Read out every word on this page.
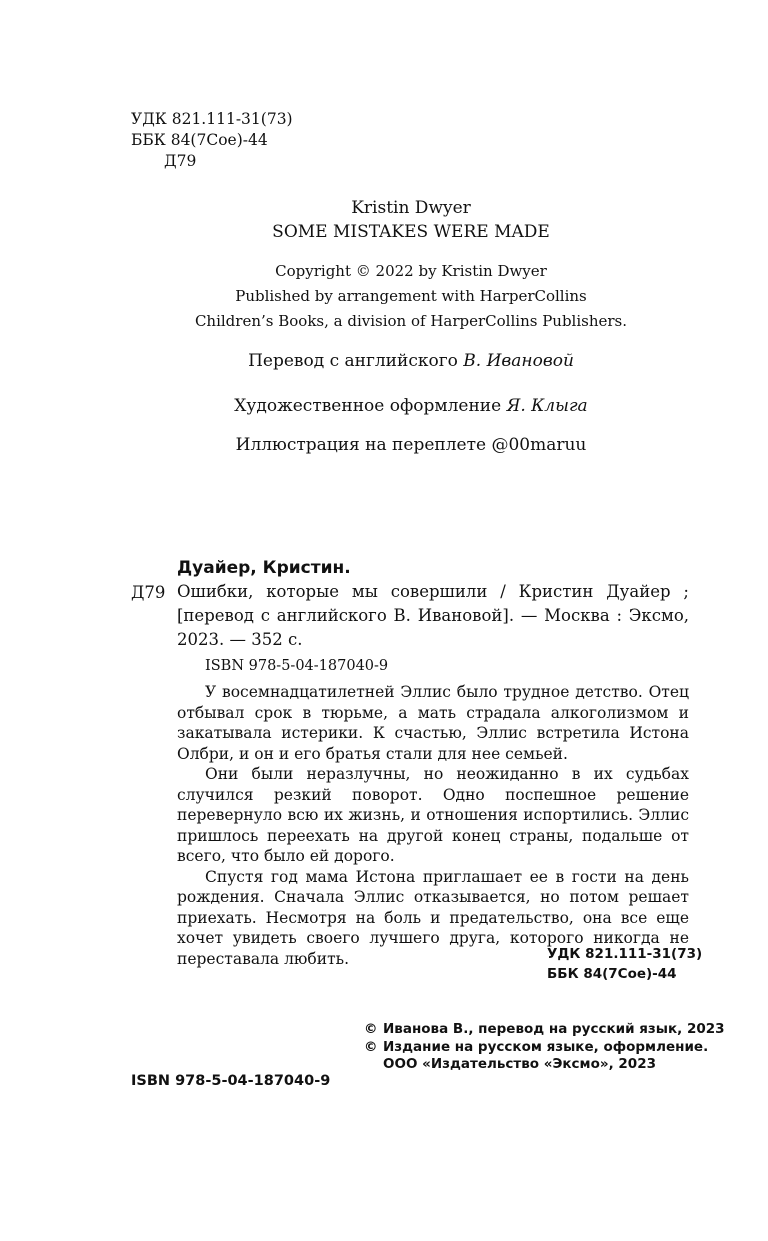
УДК 821.111-31(73)
ББК 84(7Сое)-44
Д79
Kristin Dwyer
SOME MISTAKES WERE MADE
Copyright © 2022 by Kristin Dwyer
Published by arrangement with HarperCollins
Children’s Books, a division of HarperCollins Publishers.
Перевод с английского В. Ивановой
Художественное оформление Я. Клыга
Иллюстрация на переплете @00maruu
Дуайер, Кристин.
Д79 Ошибки, которые мы совершили / Кристин Дуайер ; [перевод с английского В. Ивановой]. — Москва : Эксмо, 2023. — 352 с.
ISBN 978-5-04-187040-9

У восемнадцатилетней Эллис было трудное детство. Отец отбывал срок в тюрьме, а мать страдала алкоголизмом и закатывала истерики. К счастью, Эллис встретила Истона Олбри, и он и его братья стали для нее семьей.

Они были неразлучны, но неожиданно в их судьбах случился резкий поворот. Одно поспешное решение перевернуло всю их жизнь, и отношения испортились. Эллис пришлось переехать на другой конец страны, подальше от всего, что было ей дорого.

Спустя год мама Истона приглашает ее в гости на день рождения. Сначала Эллис отказывается, но потом решает приехать. Несмотря на боль и предательство, она все еще хочет увидеть своего лучшего друга, которого никогда не переставала любить.	УДК 821.111-31(73)
ББК 84(7Сое)-44
ISBN 978-5-04-187040-9
© Иванова В., перевод на русский язык, 2023
© Издание на русском языке, оформление. ООО «Издательство «Эксмо», 2023
